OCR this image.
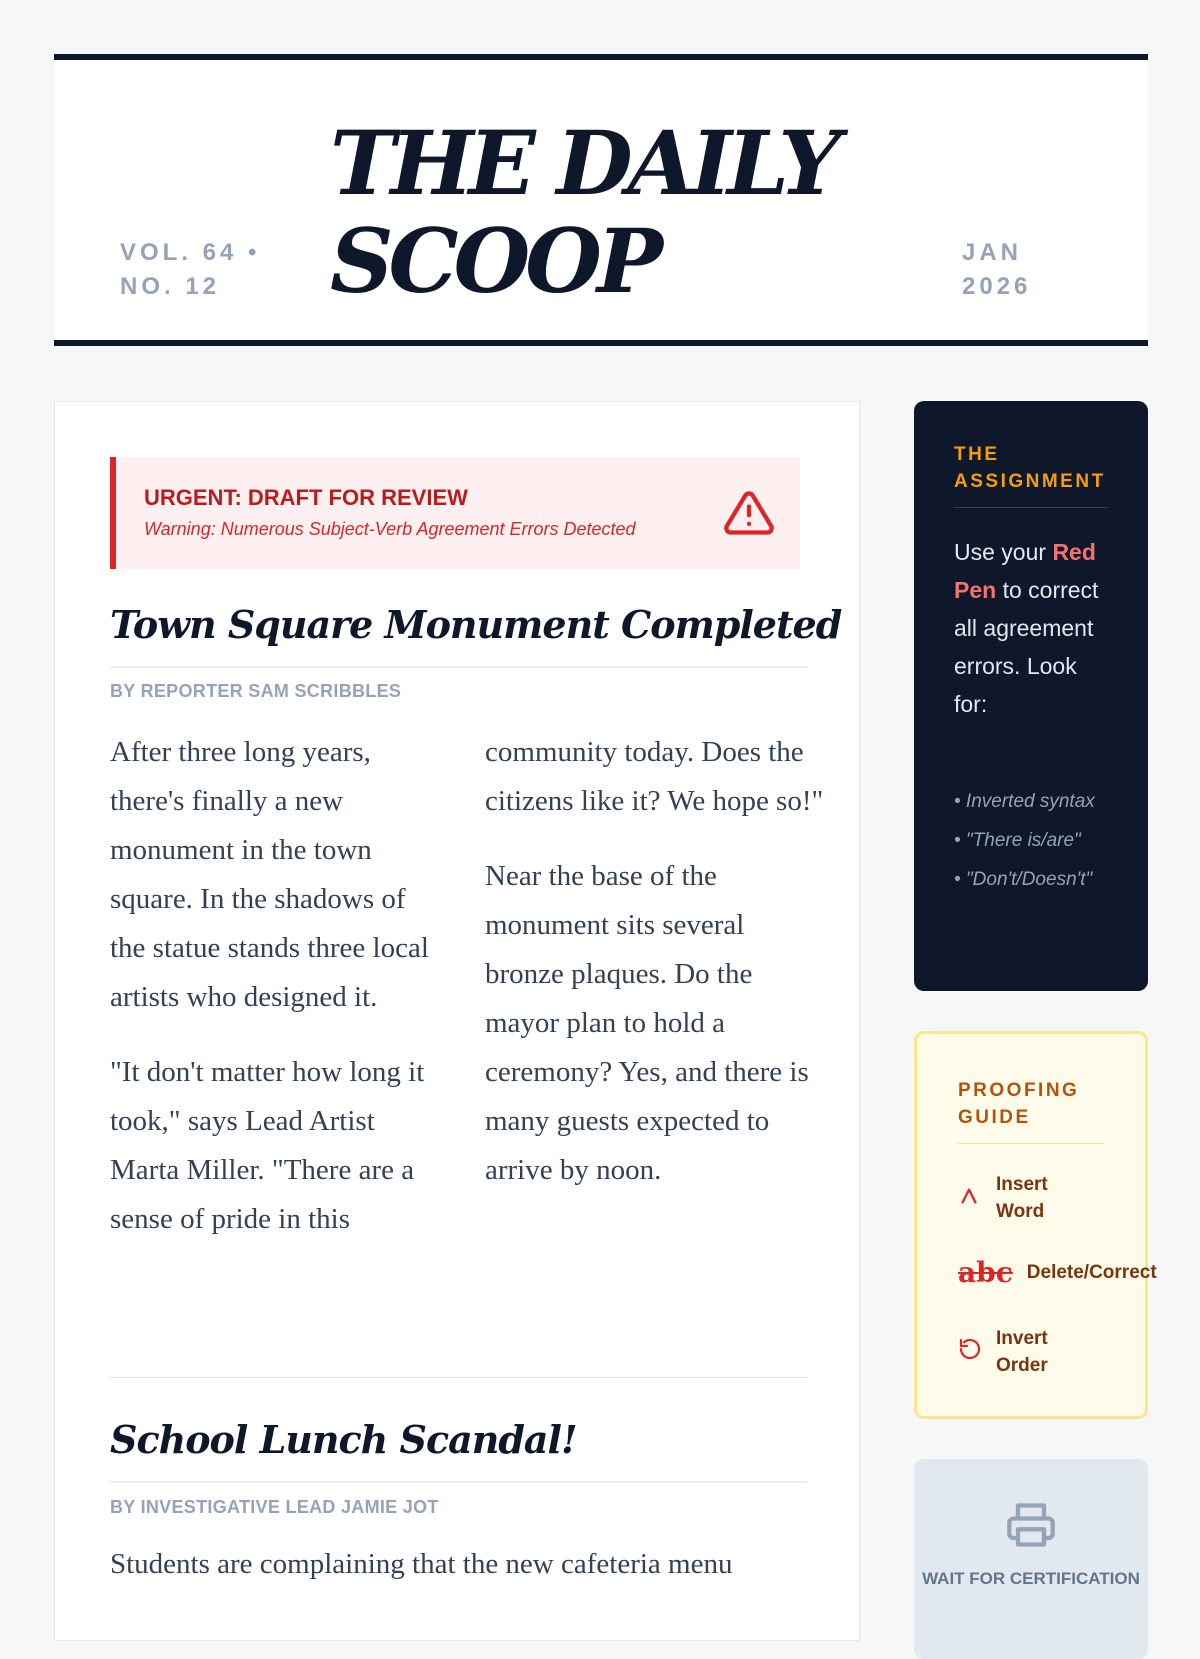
VOL. 64 • NO. 12
THE DAILY SCOOP	JAN 2026
URGENT: DRAFT FOR REVIEW
Warning: Numerous Subject-Verb Agreement Errors Detected
Town Square Monument Completed
BY REPORTER SAM SCRIBBLES

After three long years, there's finally a new monument in the town square. In the shadows of the statue stands three local artists who designed it.

"It don't matter how long it took," says Lead Artist Marta Miller. "There are a sense of pride in this

community today. Does the citizens like it? We hope so!"

Near the base of the monument sits several bronze plaques. Do the mayor plan to hold a ceremony? Yes, and there is many guests expected to arrive by noon.

School Lunch Scandal!
BY INVESTIGATIVE LEAD JAMIE JOT

Students are complaining that the new cafeteria menu

THE ASSIGNMENT
Use your Red Pen to correct all agreement errors. Look for:
• Inverted syntax
• "There is/are"
• "Don't/Doesn't"
PROOFING GUIDE
Insert Word
abc Delete/Correct
Invert Order
WAIT FOR CERTIFICATION
